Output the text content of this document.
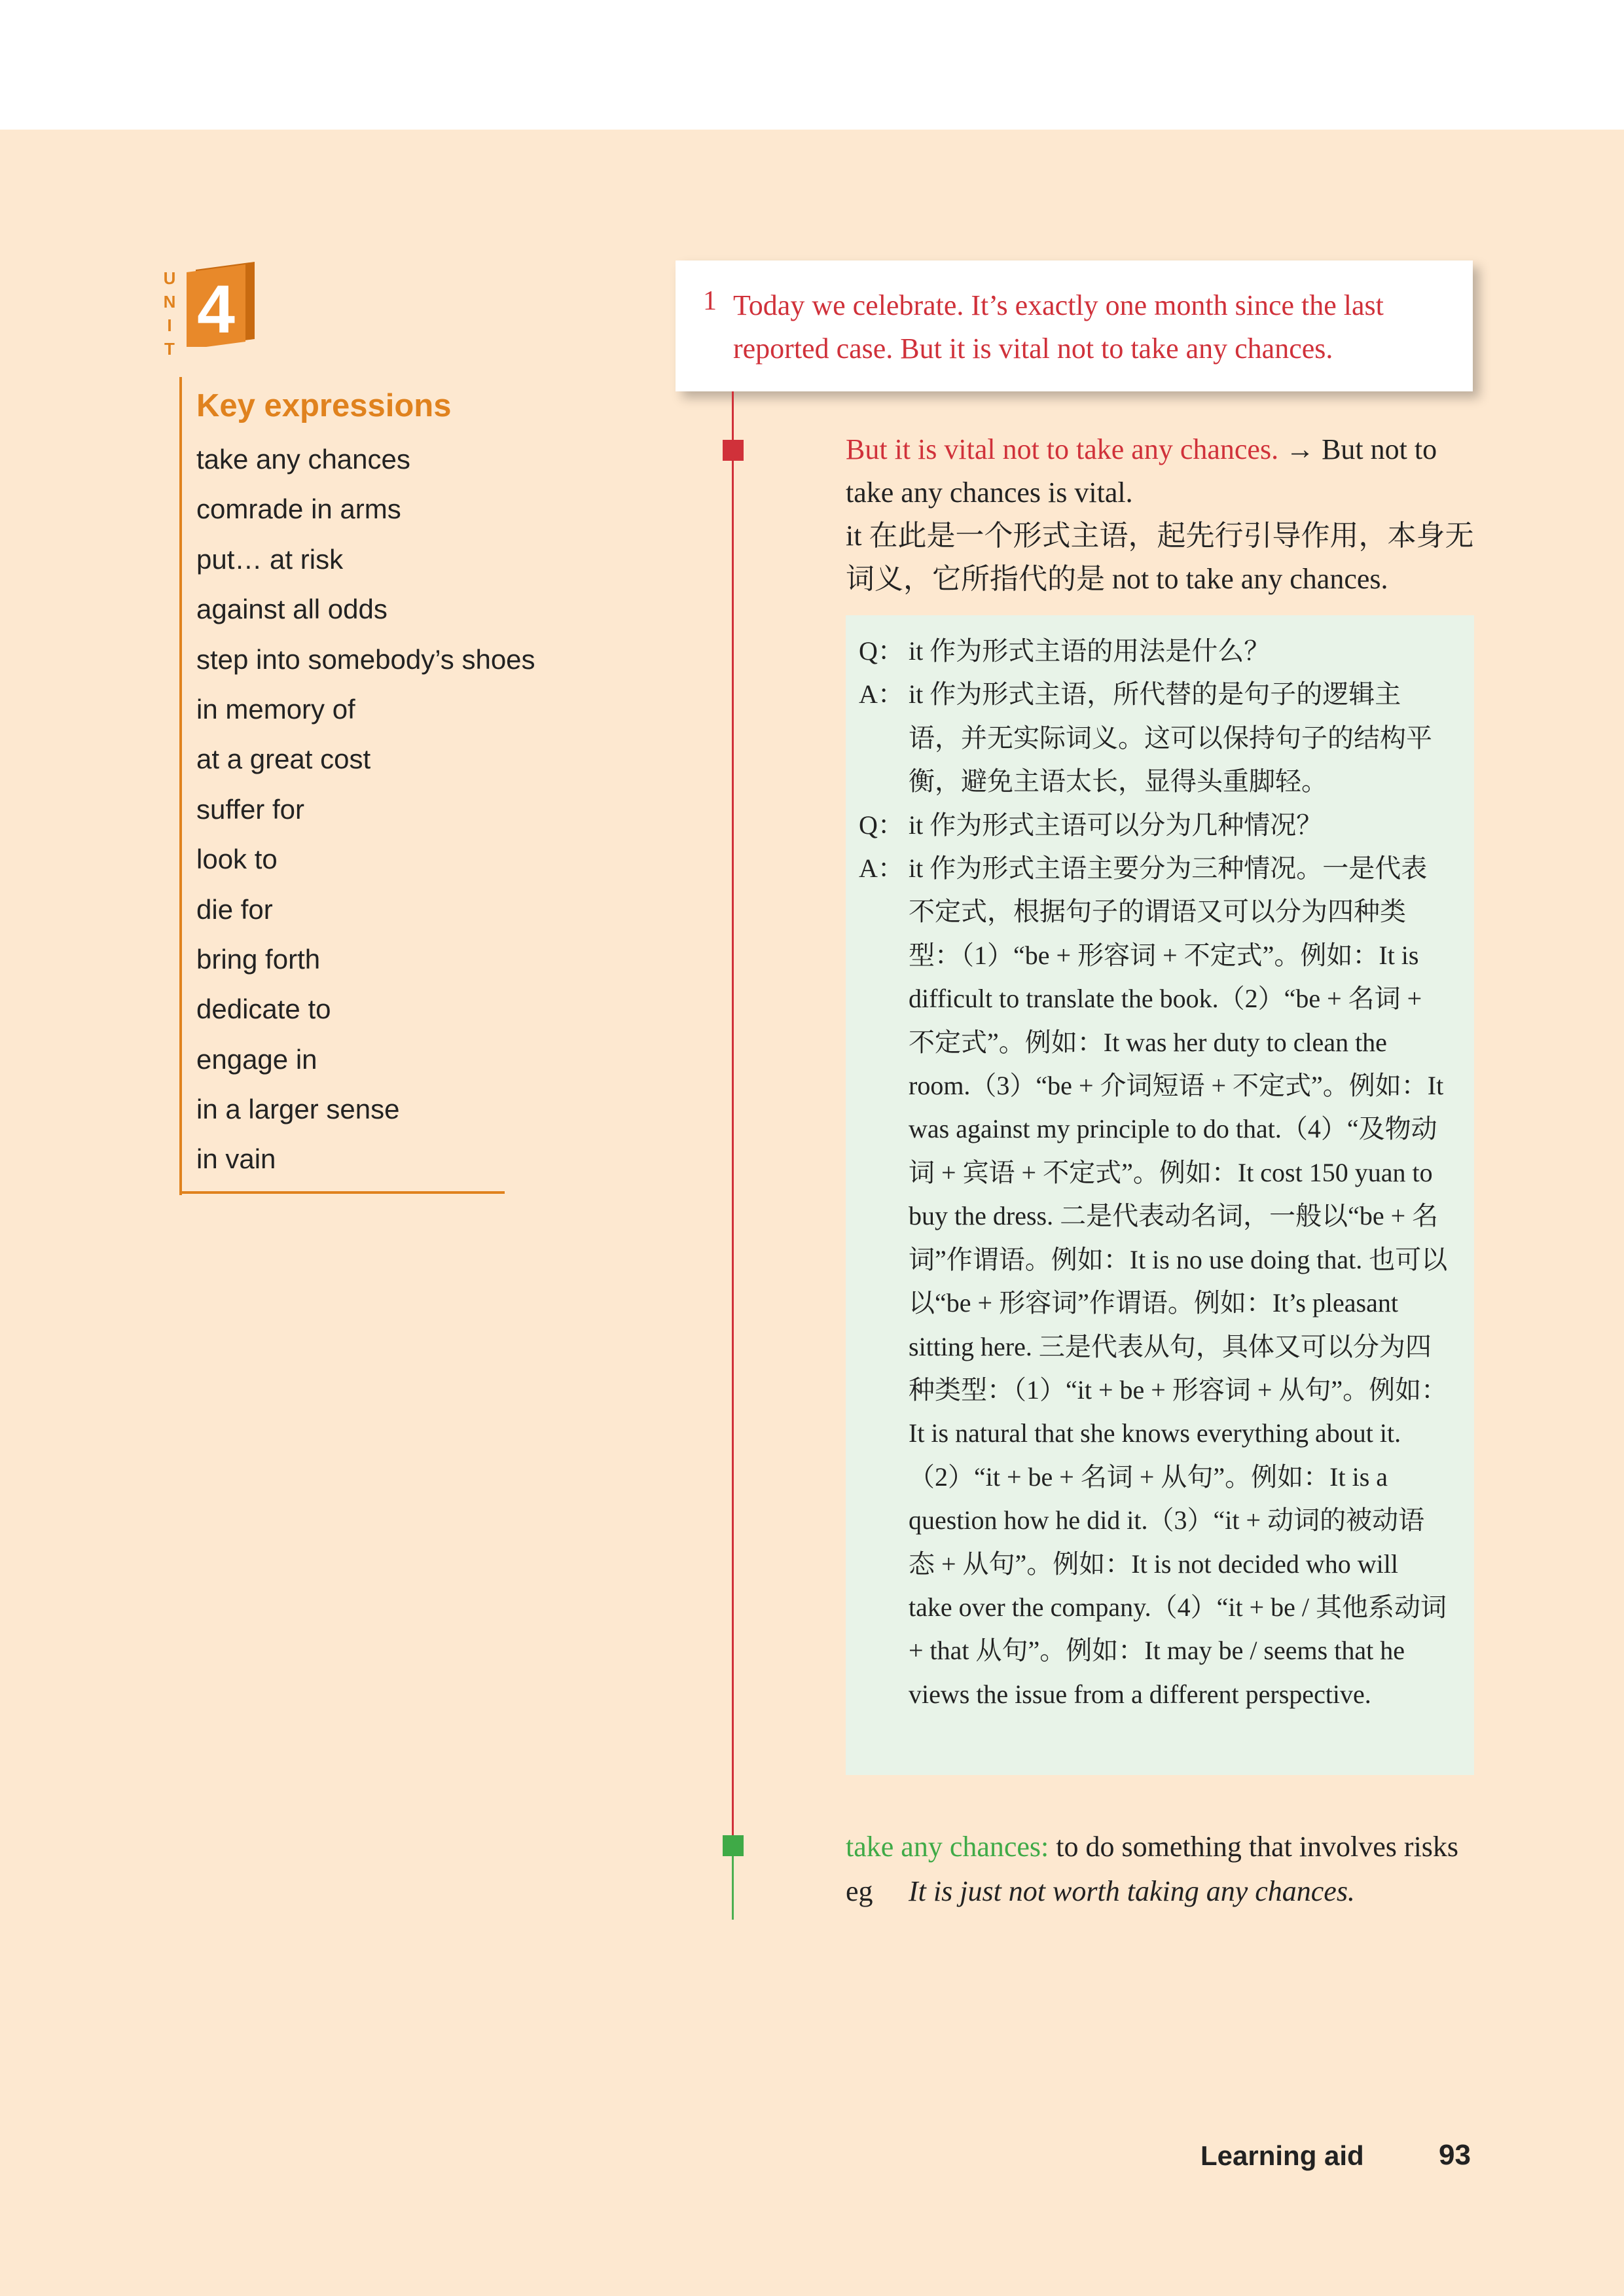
UNIT 4
Key expressions
take any chances
comrade in arms
put… at risk
against all odds
step into somebody’s shoes
in memory of
at a great cost
suffer for
look to
die for
bring forth
dedicate to
engage in
in a larger sense
in vain
1 Today we celebrate. It’s exactly one month since the last reported case. But it is vital not to take any chances.
But it is vital not to take any chances. → But not to take any chances is vital.
it 在此是一个形式主语，起先行引导作用，本身无词义，它所指代的是 not to take any chances.

Q： it 作为形式主语的用法是什么？

A： it 作为形式主语，所代替的是句子的逻辑主语，并无实际词义。这可以保持句子的结构平衡，避免主语太长，显得头重脚轻。

Q： it 作为形式主语可以分为几种情况？

A： it 作为形式主语主要分为三种情况。一是代表不定式，根据句子的谓语又可以分为四种类型：（1）“be + 形容词 + 不定式”。例如：It is difficult to translate the book.（2）“be + 名词 + 不定式”。例如：It was her duty to clean the room.（3）“be + 介词短语 + 不定式”。例如：It was against my principle to do that.（4）“及物动词 + 宾语 + 不定式”。例如：It cost 150 yuan to buy the dress. 二是代表动名词，一般以“be + 名词”作谓语。例如：It is no use doing that. 也可以以“be + 形容词”作谓语。例如：It’s pleasant sitting here. 三是代表从句，具体又可以分为四种类型：（1）“it + be + 形容词 + 从句”。例如：It is natural that she knows everything about it.（2）“it + be + 名词 + 从句”。例如：It is a question how he did it.（3）“it + 动词的被动语态 + 从句”。例如：It is not decided who will take over the company.（4）“it + be / 其他系动词 + that 从句”。例如：It may be / seems that he views the issue from a different perspective.

take any chances: to do something that involves risks
eg It is just not worth taking any chances.
Learning aid	93
